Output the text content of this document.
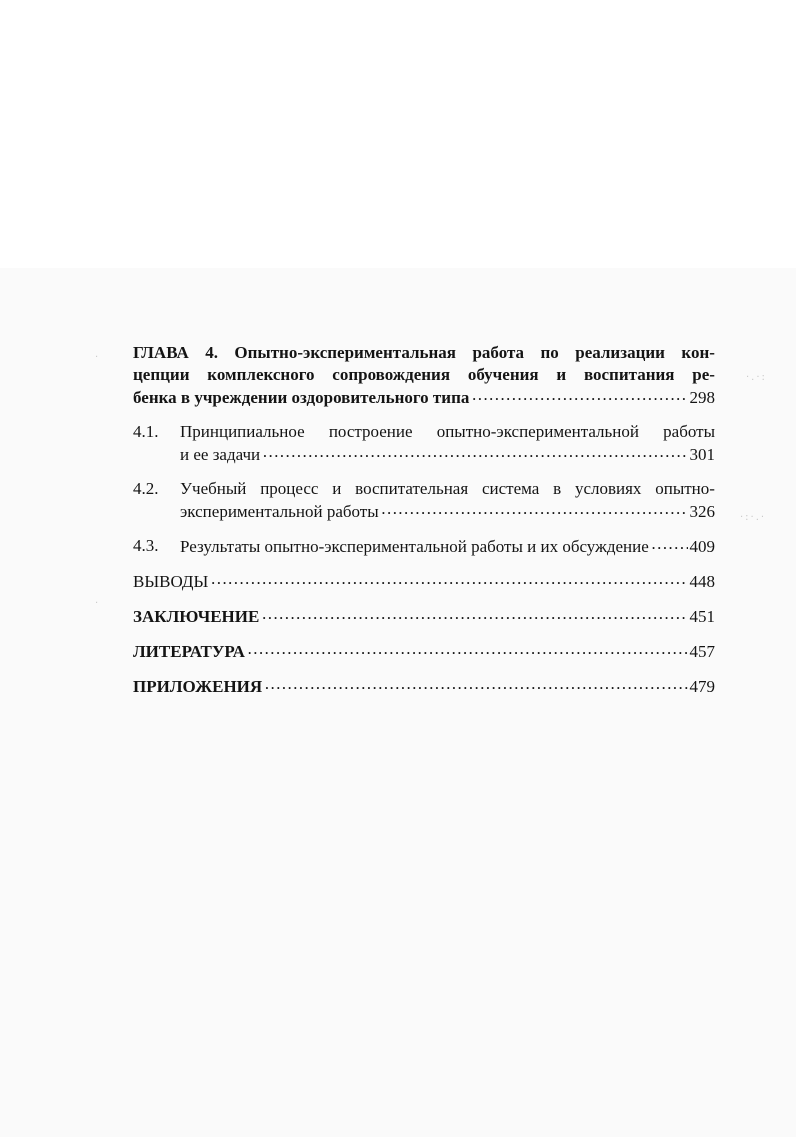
·.·:
·:·.·
·
·
ГЛАВА 4. Опытно-экспериментальная работа по реализации кон-
цепции комплексного сопровождения обучения и воспитания ре-
бенка в учреждении оздоровительного типа ……………………………………………………………………………………………………………………………	298
4.1.	Принципиальное построение опытно-экспериментальной работы
и ее задачи ……………………………………………………………………………………………………………………………	301
4.2.	Учебный процесс и воспитательная система в условиях опытно-
экспериментальной работы ……………………………………………………………………………………………………………………………	326
4.3.	Результаты опытно-экспериментальной работы и их обсуждение …………………………………………………………………………………………………………………………… 409
ВЫВОДЫ ……………………………………………………………………………………………………………………………	448
ЗАКЛЮЧЕНИЕ ……………………………………………………………………………………………………………………………	451
ЛИТЕРАТУРА ……………………………………………………………………………………………………………………………	457
ПРИЛОЖЕНИЯ ……………………………………………………………………………………………………………………………	479
